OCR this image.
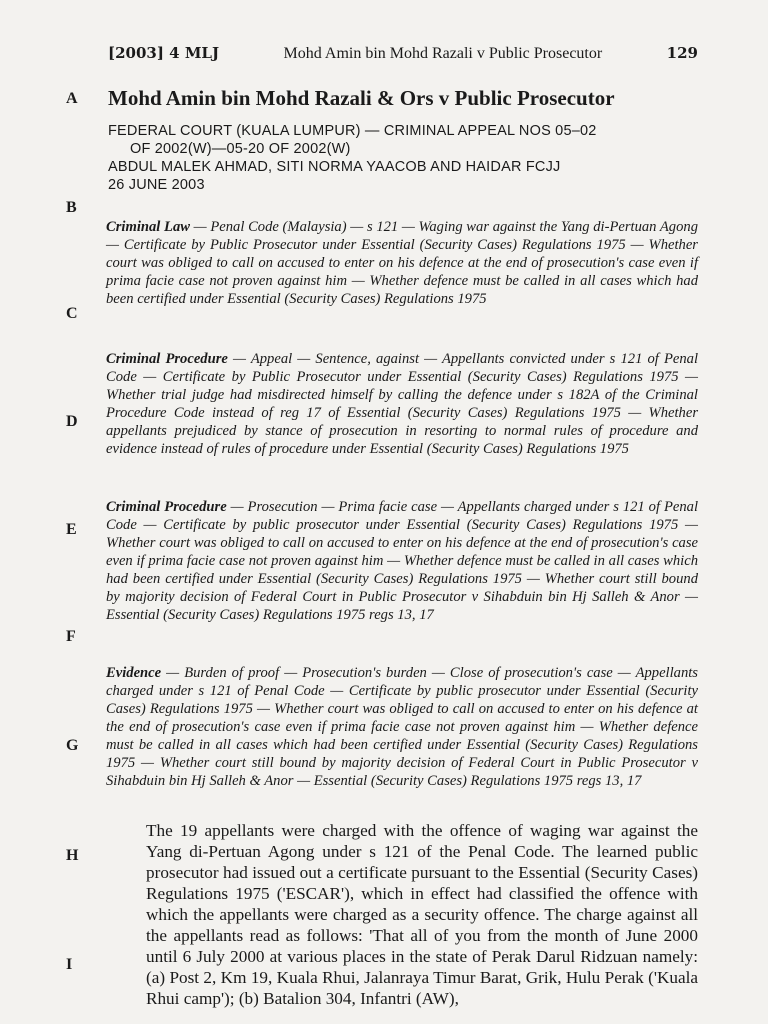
[2003] 4 MLJ	Mohd Amin bin Mohd Razali v Public Prosecutor	129
A
B
C
D
E
F
G
H
I
Mohd Amin bin Mohd Razali & Ors v Public Prosecutor
FEDERAL COURT (KUALA LUMPUR) — CRIMINAL APPEAL NOS 05–02
OF 2002(W)—05-20 OF 2002(W)
ABDUL MALEK AHMAD, SITI NORMA YAACOB AND HAIDAR FCJJ
26 JUNE 2003
Criminal Law — Penal Code (Malaysia) — s 121 — Waging war against the Yang di-Pertuan Agong — Certificate by Public Prosecutor under Essential (Security Cases) Regulations 1975 — Whether court was obliged to call on accused to enter on his defence at the end of prosecution's case even if prima facie case not proven against him — Whether defence must be called in all cases which had been certified under Essential (Security Cases) Regulations 1975
Criminal Procedure — Appeal — Sentence, against — Appellants convicted under s 121 of Penal Code — Certificate by Public Prosecutor under Essential (Security Cases) Regulations 1975 — Whether trial judge had misdirected himself by calling the defence under s 182A of the Criminal Procedure Code instead of reg 17 of Essential (Security Cases) Regulations 1975 — Whether appellants prejudiced by stance of prosecution in resorting to normal rules of procedure and evidence instead of rules of procedure under Essential (Security Cases) Regulations 1975
Criminal Procedure — Prosecution — Prima facie case — Appellants charged under s 121 of Penal Code — Certificate by public prosecutor under Essential (Security Cases) Regulations 1975 — Whether court was obliged to call on accused to enter on his defence at the end of prosecution's case even if prima facie case not proven against him — Whether defence must be called in all cases which had been certified under Essential (Security Cases) Regulations 1975 — Whether court still bound by majority decision of Federal Court in Public Prosecutor v Sihabduin bin Hj Salleh & Anor — Essential (Security Cases) Regulations 1975 regs 13, 17
Evidence — Burden of proof — Prosecution's burden — Close of prosecution's case — Appellants charged under s 121 of Penal Code — Certificate by public prosecutor under Essential (Security Cases) Regulations 1975 — Whether court was obliged to call on accused to enter on his defence at the end of prosecution's case even if prima facie case not proven against him — Whether defence must be called in all cases which had been certified under Essential (Security Cases) Regulations 1975 — Whether court still bound by majority decision of Federal Court in Public Prosecutor v Sihabduin bin Hj Salleh & Anor — Essential (Security Cases) Regulations 1975 regs 13, 17
The 19 appellants were charged with the offence of waging war against the Yang di-Pertuan Agong under s 121 of the Penal Code. The learned public prosecutor had issued out a certificate pursuant to the Essential (Security Cases) Regulations 1975 ('ESCAR'), which in effect had classified the offence with which the appellants were charged as a security offence. The charge against all the appellants read as follows: 'That all of you from the month of June 2000 until 6 July 2000 at various places in the state of Perak Darul Ridzuan namely: (a) Post 2, Km 19, Kuala Rhui, Jalanraya Timur Barat, Grik, Hulu Perak ('Kuala Rhui camp'); (b) Batalion 304, Infantri (AW),
